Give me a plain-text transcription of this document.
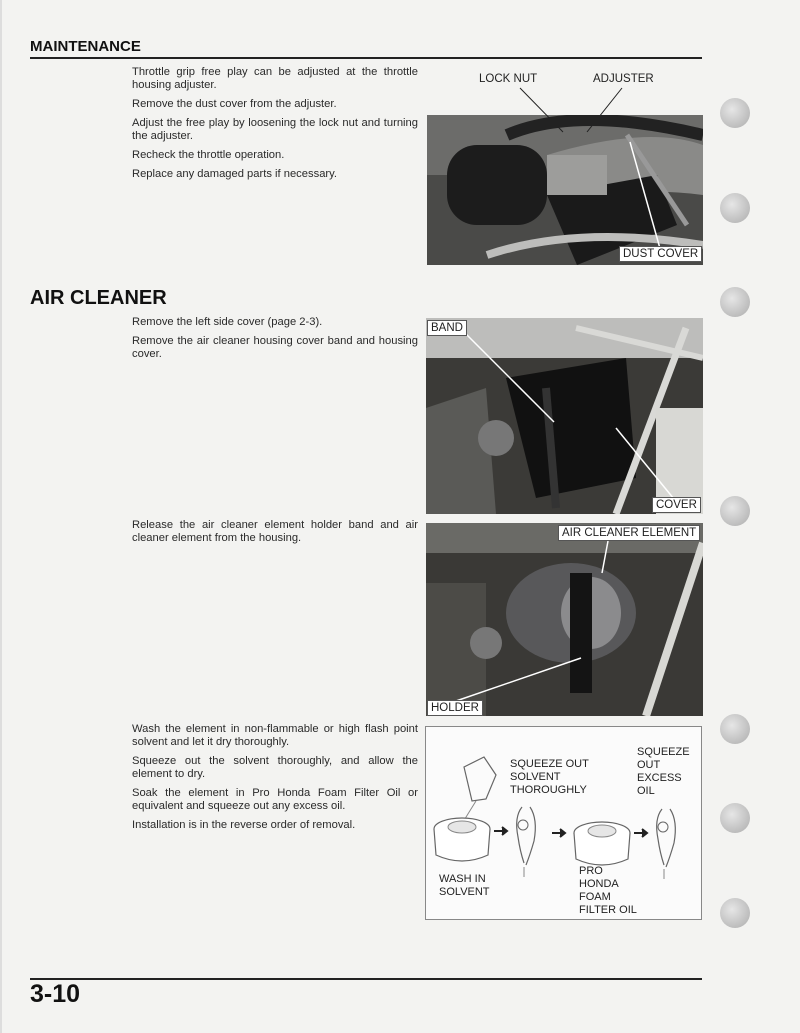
MAINTENANCE

Throttle grip free play can be adjusted at the throttle housing adjuster.

Remove the dust cover from the adjuster.

Adjust the free play by loosening the lock nut and turning the adjuster.

Recheck the throttle operation.

Replace any damaged parts if necessary.

LOCK NUT	ADJUSTER
DUST COVER
AIR CLEANER

Remove the left side cover (page 2-3).

Remove the air cleaner housing cover band and housing cover.

BAND
COVER

Release the air cleaner element holder band and air cleaner element from the housing.	AIR CLEANER ELEMENT
HOLDER

Wash the element in non-flammable or high flash point solvent and let it dry thoroughly.

Squeeze out the solvent thoroughly, and allow the element to dry.

Soak the element in Pro Honda Foam Filter Oil or equivalent and squeeze out any excess oil.

Installation is in the reverse order of removal.

WASH IN
SOLVENT
SQUEEZE OUT
SOLVENT
THOROUGHLY
PRO
HONDA
FOAM
FILTER OIL
SQUEEZE
OUT
EXCESS
OIL
3-10
